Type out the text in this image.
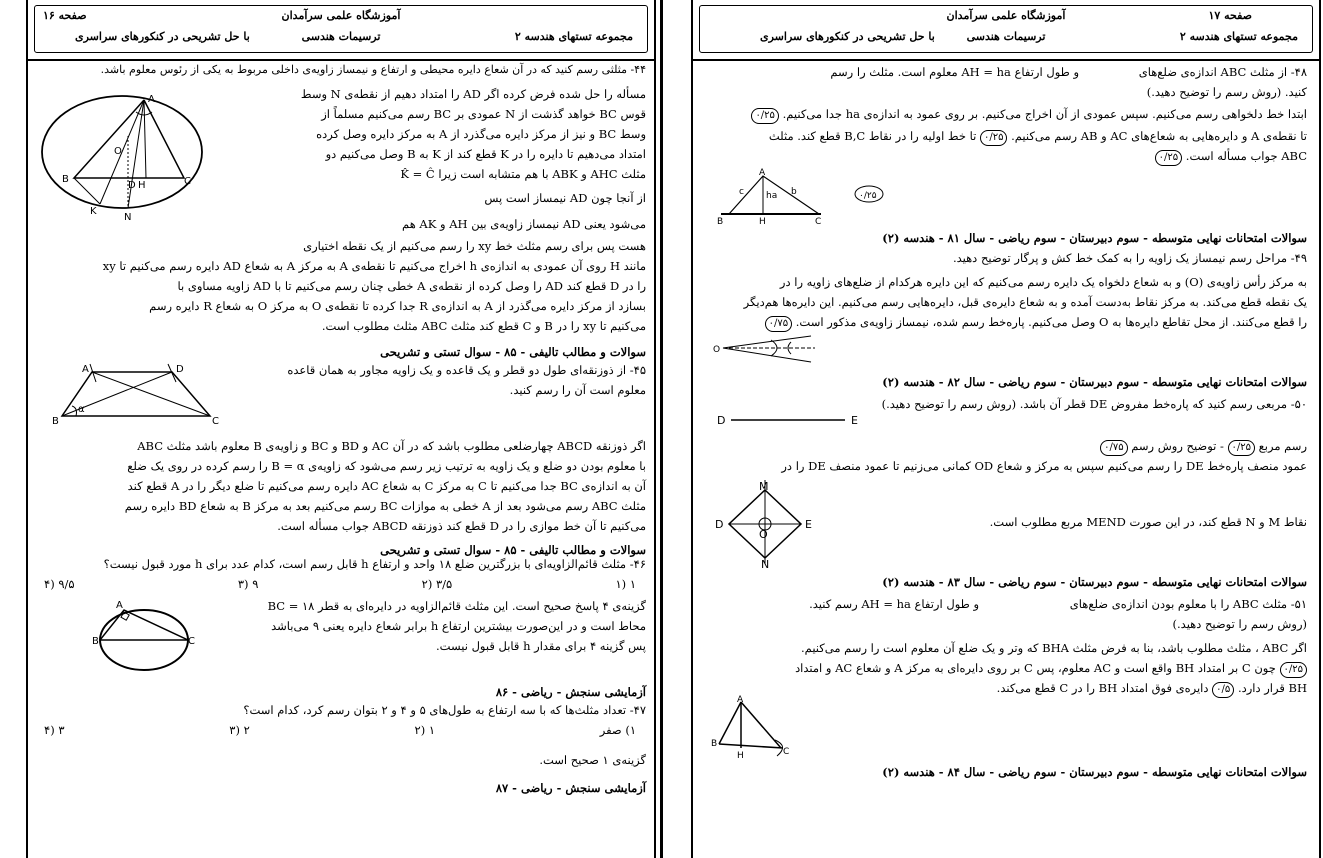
صفحه ۱۷
آموزشگاه علمی سرآمدان
مجموعه تستهای هندسه ۲
ترسیمات هندسی
با حل تشریحی در کنکورهای سراسری
۴۸- از مثلث ABC اندازه‌ی ضلع‌های
و طول ارتفاع AH = ha معلوم است. مثلث را رسم
کنید. (روش رسم را توضیح دهید.)
ابتدا خط دلخواهی رسم می‌کنیم. سپس عمودی از آن اخراج می‌کنیم. بر روی عمود به اندازه‌ی ha جدا می‌کنیم. ۰/۲۵
تا نقطه‌ی A و دایره‌هایی به شعاع‌های AC و AB رسم می‌کنیم. ۰/۲۵ تا خط اولیه را در نقاط B,C قطع کند. مثلث
ABC جواب مسأله است. ۰/۲۵
A
B	H	C
c	b
ha	۰/۲۵
سوالات امتحانات نهایی متوسطه - سوم دبیرستان - سوم ریاضی - سال ۸۱ - هندسه (۲)
۴۹- مراحل رسم نیمساز یک زاویه را به کمک خط کش و پرگار توضیح دهید.
به مرکز رأس زاویه‌ی (O) و به شعاع دلخواه یک دایره رسم می‌کنیم که این دایره هرکدام از ضلع‌های زاویه را در
یک نقطه قطع می‌کند. به مرکز نقاط به‌دست آمده و به شعاع دایره‌ی قبل، دایره‌هایی رسم می‌کنیم. این دایره‌ها هم‌دیگر
را قطع می‌کنند. از محل تقاطع دایره‌ها به O وصل می‌کنیم. پاره‌خط رسم شده، نیمساز زاویه‌ی مذکور است. ۰/۷۵
O
سوالات امتحانات نهایی متوسطه - سوم دبیرستان - سوم ریاضی - سال ۸۲ - هندسه (۲)
۵۰- مربعی رسم کنید که پاره‌خط مفروض DE قطر آن باشد. (روش رسم را توضیح دهید.)
D	E
رسم مربع ۰/۲۵ - توضیح روش رسم ۰/۷۵
عمود منصف پاره‌خط DE را رسم می‌کنیم سپس به مرکز و شعاع OD کمانی می‌زنیم تا عمود منصف DE را در
M
D	E
O
N
نقاط M و N قطع کند، در این صورت MEND مربع مطلوب است.
سوالات امتحانات نهایی متوسطه - سوم دبیرستان - سوم ریاضی - سال ۸۳ - هندسه (۲)
۵۱- مثلث ABC را با معلوم بودن اندازه‌ی ضلع‌های
و طول ارتفاع AH = ha رسم کنید.
(روش رسم را توضیح دهید.)
اگر ABC ، مثلث مطلوب باشد، بنا به فرض مثلث BHA که وتر و یک ضلع آن معلوم است را رسم می‌کنیم.
۰/۲۵ چون C بر امتداد BH واقع است و AC معلوم، پس C بر روی دایره‌ای به مرکز A و شعاع AC و امتداد
BH قرار دارد. ۰/۵ دایره‌ی فوق امتداد BH را در C قطع می‌کند.
A
B
H	C
سوالات امتحانات نهایی متوسطه - سوم دبیرستان - سوم ریاضی - سال ۸۴ - هندسه (۲)
صفحه ۱۶	آموزشگاه علمی سرآمدان
مجموعه تستهای هندسه ۲
ترسیمات هندسی
با حل تشریحی در کنکورهای سراسری
۴۴- مثلثی رسم کنید که در آن شعاع دایره محیطی و ارتفاع و نیمساز زاویه‌ی داخلی مربوط به یکی از رئوس معلوم باشد.
A
B	C
D H
O
K
N
مسأله را حل شده فرض کرده اگر AD را امتداد دهیم از نقطه‌ی N وسط
قوس BC خواهد گذشت از N عمودی بر BC رسم می‌کنیم مسلماً از
وسط BC و نیز از مرکز دایره می‌گذرد از A به مرکز دایره وصل کرده
امتداد می‌دهیم تا دایره را در K قطع کند از K به B وصل می‌کنیم دو
مثلث AHC و ABK با هم متشابه است زیرا K̂ = Ĉ
از آنجا چون AD نیمساز است پس
می‌شود یعنی AD نیمساز زاویه‌ی بین AH و AK هم
هست پس برای رسم مثلث خط xy را رسم می‌کنیم از یک نقطه اختیاری
مانند H روی آن عمودی به اندازه‌ی h اخراج می‌کنیم تا نقطه‌ی A به مرکز A به شعاع AD دایره رسم می‌کنیم تا xy
را در D قطع کند AD را وصل کرده از نقطه‌ی A خطی چنان رسم می‌کنیم تا با AD زاویه مساوی با
بسازد از مرکز دایره می‌گذرد از A به اندازه‌ی R جدا کرده تا نقطه‌ی O به مرکز O به شعاع R دایره رسم
می‌کنیم تا xy را در B و C قطع کند مثلث ABC مثلث مطلوب است.
سوالات و مطالب تالیفی - ۸۵ - سوال تستی و تشریحی
A	D
B	C
α
۴۵- از ذوزنقه‌ای طول دو قطر و یک قاعده و یک زاویه مجاور به همان قاعده
معلوم است آن را رسم کنید.
اگر ذوزنقه ABCD چهارضلعی مطلوب باشد که در آن AC و BD و BC و زاویه‌ی B معلوم باشد مثلث ABC
با معلوم بودن دو ضلع و یک زاویه به ترتیب زیر رسم می‌شود که زاویه‌ی B = α را رسم کرده در روی یک ضلع
آن به اندازه‌ی BC جدا می‌کنیم تا C به مرکز C به شعاع AC دایره رسم می‌کنیم تا ضلع دیگر را در A قطع کند
مثلث ABC رسم می‌شود بعد از A خطی به موازات BC رسم می‌کنیم بعد به مرکز B به شعاع BD دایره رسم
می‌کنیم تا آن خط موازی را در D قطع کند ذوزنقه ABCD جواب مسأله است.
سوالات و مطالب تالیفی - ۸۵ - سوال تستی و تشریحی
۴۶- مثلث قائم‌الزاویه‌ای با بزرگترین ضلع ۱۸ واحد و ارتفاع h قابل رسم است، کدام عدد برای h مورد قبول نیست؟
۱ (۱
۳/۵ (۲
۹ (۳
۹/۵ (۴
A
B	C
گزینه‌ی ۴ پاسخ صحیح است. این مثلث قائم‌الزاویه در دایره‌ای به قطر BC = ۱۸
محاط است و در این‌صورت بیشترین ارتفاع h برابر شعاع دایره یعنی ۹ می‌باشد
پس گزینه ۴ برای مقدار h قابل قبول نیست.
آزمایشی سنجش - ریاضی - ۸۶
۴۷- تعداد مثلث‌ها که با سه ارتفاع به طول‌های ۵ و ۴ و ۲ بتوان رسم کرد، کدام است؟
۱) صفر
۱ (۲
۲ (۳
۳ (۴
گزینه‌ی ۱ صحیح است.
آزمایشی سنجش - ریاضی - ۸۷
